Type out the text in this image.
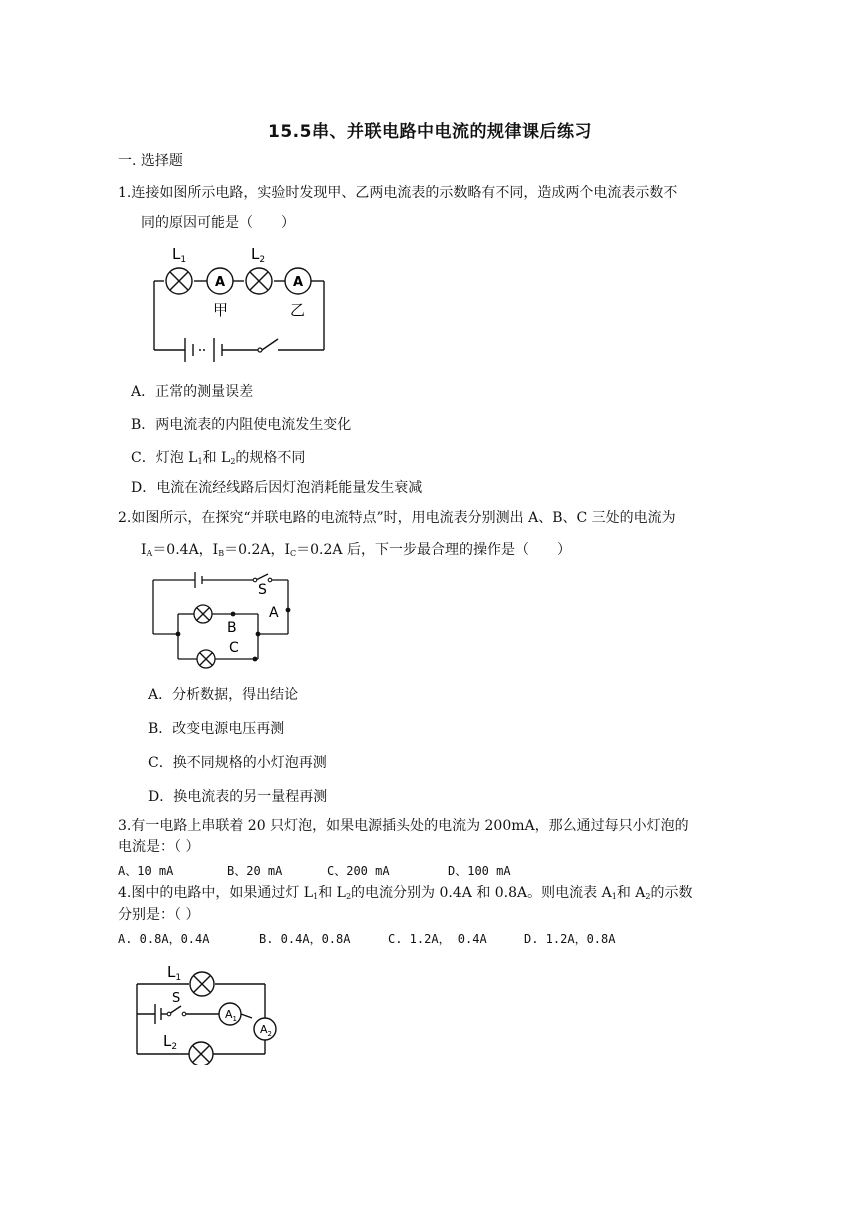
15.5串、并联电路中电流的规律课后练习
一. 选择题
1.连接如图所示电路，实验时发现甲、乙两电流表的示数略有不同，造成两个电流表示数不
同的原因可能是（　　）
A	A
$L_1$	$L_2$
甲	乙
A．正常的测量误差
B．两电流表的内阻使电流发生变化
C．灯泡 $L_1$和 $L_2$的规格不同
D．电流在流经线路后因灯泡消耗能量发生衰减
2.如图所示，在探究“并联电路的电流特点”时，用电流表分别测出 A、B、C 三处的电流为
$I_A=0.4A$，$I_B=0.2A$，$I_C=0.2A$ 后，下一步最合理的操作是（　　）
S
A
B
C
A．分析数据，得出结论
B．改变电源电压再测
C．换不同规格的小灯泡再测
D．换电流表的另一量程再测
3.有一电路上串联着 20 只灯泡，如果电源插头处的电流为 200mA，那么通过每只小灯泡的
电流是：（ ）
A、10 mA	B、20 mA	C、200 mA	D、100 mA
4.图中的电路中，如果通过灯 $L_1$和 $L_2$的电流分别为 0.4A 和 0.8A。则电流表 $A_1$和 $A_2$的示数
分别是：（ ）
A. 0.8A，0.4A	B. 0.4A，0.8A	C. 1.2A， 0.4A	D. 1.2A，0.8A
$A_1$
$A_2$
$L_1$
S
$L_2$
